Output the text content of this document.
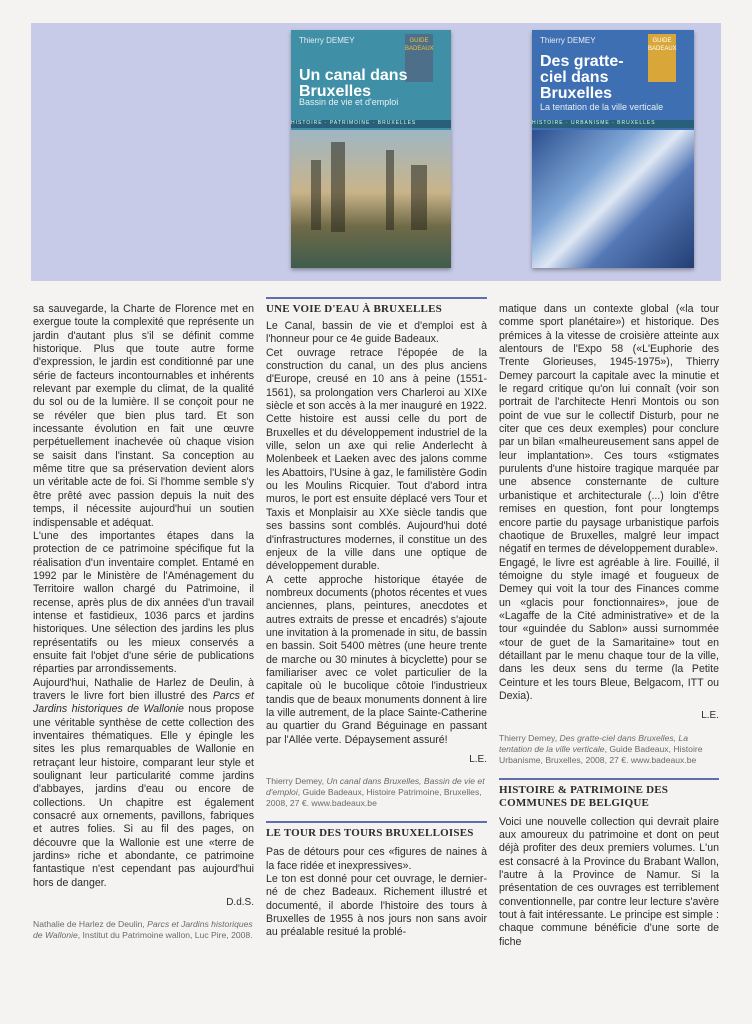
Thierry DEMEY	GUIDE BADEAUX
Un canal dans Bruxelles
Bassin de vie et d'emploi
HISTOIRE · PATRIMOINE · BRUXELLES
Thierry DEMEY	GUIDE BADEAUX
Des gratte-ciel dans Bruxelles
La tentation de la ville verticale
HISTOIRE · URBANISME · BRUXELLES

sa sauvegarde, la Charte de Florence met en exergue toute la complexité que représente un jardin d'autant plus s'il se définit comme historique. Plus que toute autre forme d'expression, le jardin est conditionné par une série de facteurs incontournables et inhérents relevant par exemple du climat, de la qualité du sol ou de la lumière. Il se conçoit pour ne se révéler que bien plus tard. Et son incessante évolution en fait une œuvre perpétuellement inachevée où chaque vision se saisit dans l'instant. Sa conception au même titre que sa préservation devient alors un véritable acte de foi. Si l'homme semble s'y être prêté avec passion depuis la nuit des temps, il nécessite aujourd'hui un soutien indispensable et adéquat.

L'une des importantes étapes dans la protection de ce patrimoine spécifique fut la réalisation d'un inventaire complet. Entamé en 1992 par le Ministère de l'Aménagement du Territoire wallon chargé du Patrimoine, il recense, après plus de dix années d'un travail intense et fastidieux, 1036 parcs et jardins historiques. Une sélection des jardins les plus représentatifs ou les mieux conservés a ensuite fait l'objet d'une série de publications réparties par arrondissements.

Aujourd'hui, Nathalie de Harlez de Deulin, à travers le livre fort bien illustré des Parcs et Jardins historiques de Wallonie nous propose une véritable synthèse de cette collection des inventaires thématiques. Elle y épingle les sites les plus remarquables de Wallonie en retraçant leur histoire, comparant leur style et soulignant leur particularité comme jardins d'abbayes, jardins d'eau ou encore de collections. Un chapitre est également consacré aux ornements, pavillons, fabriques et autres folies. Si au fil des pages, on découvre que la Wallonie est une «terre de jardins» riche et abondante, ce patrimoine fantastique n'est cependant pas aujourd'hui hors de danger.

D.d.S.
Nathalie de Harlez de Deulin, Parcs et Jardins historiques de Wallonie, Institut du Patrimoine wallon, Luc Pire, 2008.
UNE VOIE D'EAU À BRUXELLES

Le Canal, bassin de vie et d'emploi est à l'honneur pour ce 4e guide Badeaux.

Cet ouvrage retrace l'épopée de la construction du canal, un des plus anciens d'Europe, creusé en 10 ans à peine (1551-1561), sa prolongation vers Charleroi au XIXe siècle et son accès à la mer inauguré en 1922. Cette histoire est aussi celle du port de Bruxelles et du développement industriel de la ville, selon un axe qui relie Anderlecht à Molenbeek et Laeken avec des jalons comme les Abattoirs, l'Usine à gaz, le familistère Godin ou les Moulins Ricquier. Tout d'abord intra muros, le port est ensuite déplacé vers Tour et Taxis et Monplaisir au XXe siècle tandis que ses bassins sont comblés. Aujourd'hui doté d'infrastructures modernes, il constitue un des enjeux de la ville dans une optique de développement durable.

A cette approche historique étayée de nombreux documents (photos récentes et vues anciennes, plans, peintures, anecdotes et autres extraits de presse et encadrés) s'ajoute une invitation à la promenade in situ, de bassin en bassin. Soit 5400 mètres (une heure trente de marche ou 30 minutes à bicyclette) pour se familiariser avec ce volet particulier de la capitale où le bucolique côtoie l'industrieux tandis que de beaux monuments donnent à lire la ville autrement, de la place Sainte-Catherine au quartier du Grand Béguinage en passant par l'Allée verte. Dépaysement assuré!

L.E.
Thierry Demey, Un canal dans Bruxelles, Bassin de vie et d'emploi, Guide Badeaux, Histoire Patrimoine, Bruxelles, 2008, 27 €. www.badeaux.be
LE TOUR DES TOURS BRUXELLOISES

Pas de détours pour ces «figures de naines à la face ridée et inexpressives».

Le ton est donné pour cet ouvrage, le dernier-né de chez Badeaux. Richement illustré et documenté, il aborde l'histoire des tours à Bruxelles de 1955 à nos jours non sans avoir au préalable resitué la problé-

matique dans un contexte global («la tour comme sport planétaire») et historique. Des prémices à la vitesse de croisière atteinte aux alentours de l'Expo 58 («L'Euphorie des Trente Glorieuses, 1945-1975»), Thierry Demey parcourt la capitale avec la minutie et le regard critique qu'on lui connaît (voir son portrait de l'architecte Henri Montois ou son point de vue sur le collectif Disturb, pour ne citer que ces deux exemples) pour conclure par un bilan «malheureusement sans appel de leur implantation». Ces tours «stigmates purulents d'une histoire tragique marquée par une absence consternante de culture urbanistique et architecturale (...) loin d'être remises en question, font pour longtemps encore partie du paysage urbanistique parfois chaotique de Bruxelles, malgré leur impact négatif en termes de développement durable».

Engagé, le livre est agréable à lire. Fouillé, il témoigne du style imagé et fougueux de Demey qui voit la tour des Finances comme un «glacis pour fonctionnaires», joue de «Lagaffe de la Cité administrative» et de la tour «guindée du Sablon» aussi surnommée «tour de guet de la Samaritaine» tout en détaillant par le menu chaque tour de la ville, dans les deux sens du terme (la Petite Ceinture et les tours Bleue, Belgacom, ITT ou Dexia).

L.E.
Thierry Demey, Des gratte-ciel dans Bruxelles, La tentation de la ville verticale, Guide Badeaux, Histoire Urbanisme, Bruxelles, 2008, 27 €. www.badeaux.be
HISTOIRE & PATRIMOINE DES COMMUNES DE BELGIQUE

Voici une nouvelle collection qui devrait plaire aux amoureux du patrimoine et dont on peut déjà profiter des deux premiers volumes. L'un est consacré à la Province du Brabant Wallon, l'autre à la Province de Namur. Si la présentation de ces ouvrages est terriblement conventionnelle, par contre leur lecture s'avère tout à fait intéressante. Le principe est simple : chaque commune bénéficie d'une sorte de fiche
